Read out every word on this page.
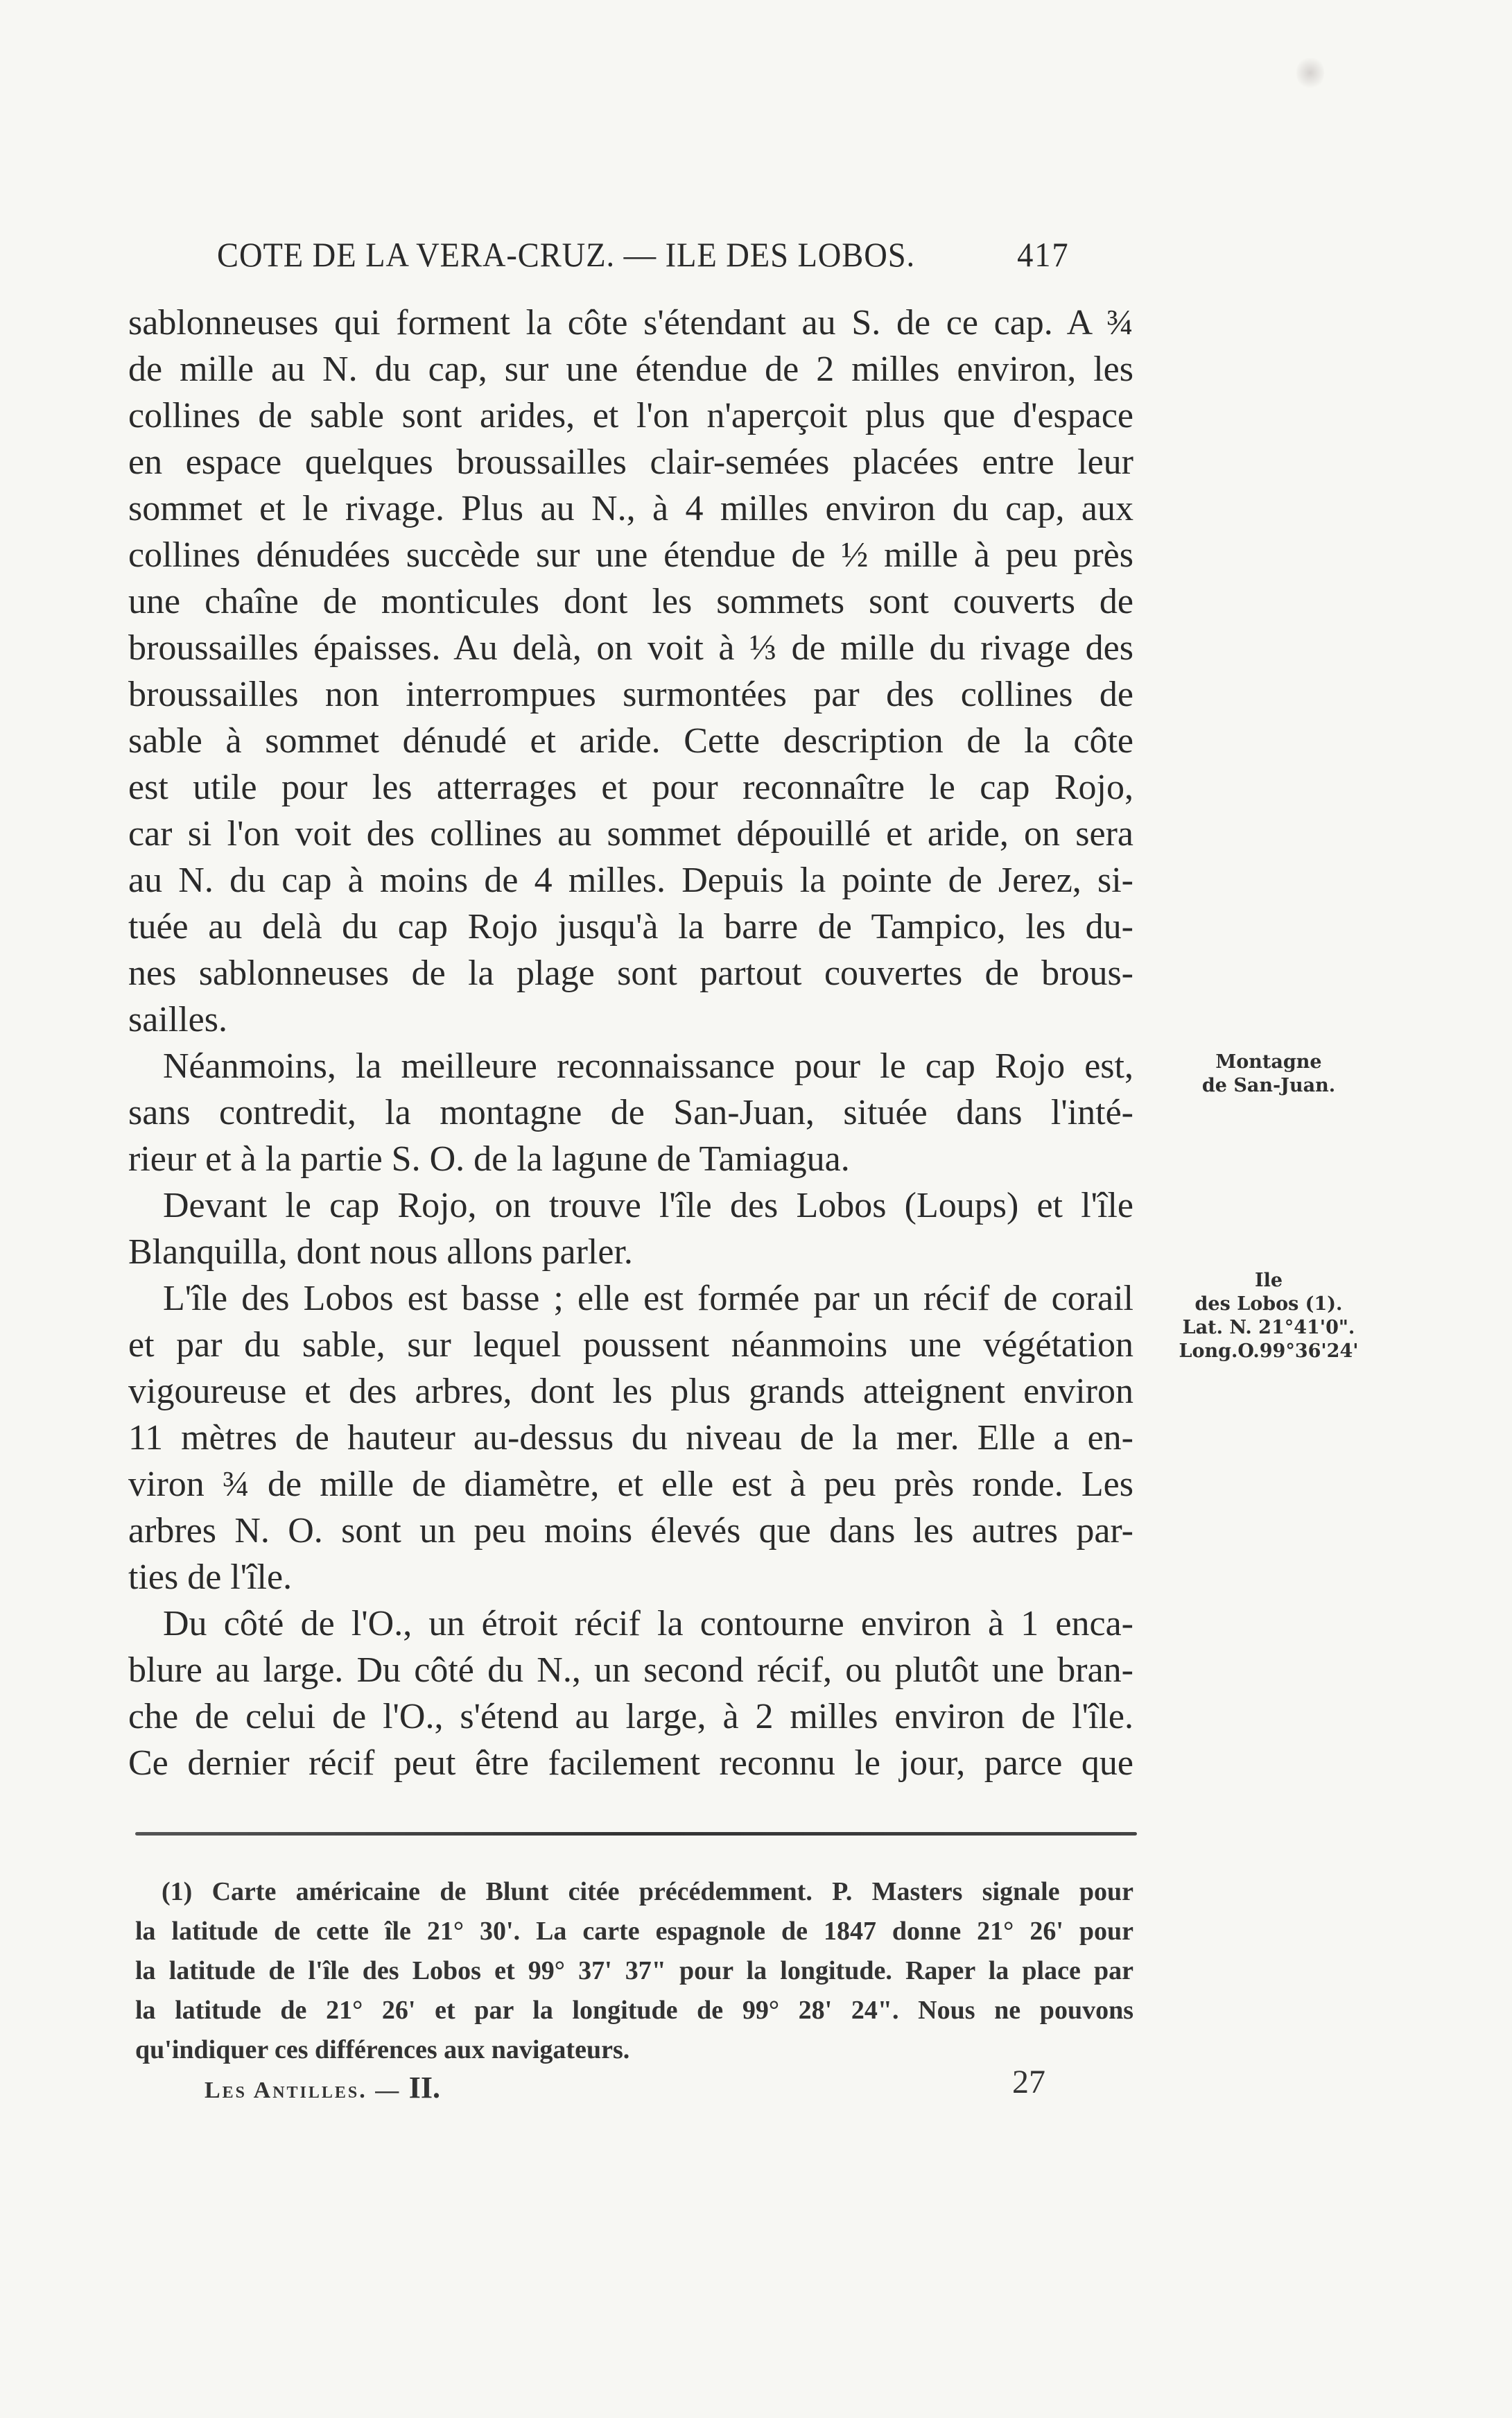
COTE DE LA VERA-CRUZ. — ILE DES LOBOS.	417
sablonneuses qui forment la côte s'étendant au S. de ce cap. A ¾
de mille au N. du cap, sur une étendue de 2 milles environ, les
collines de sable sont arides, et l'on n'aperçoit plus que d'espace
en espace quelques broussailles clair-semées placées entre leur
sommet et le rivage. Plus au N., à 4 milles environ du cap, aux
collines dénudées succède sur une étendue de ½ mille à peu près
une chaîne de monticules dont les sommets sont couverts de
broussailles épaisses. Au delà, on voit à ⅓ de mille du rivage des
broussailles non interrompues surmontées par des collines de
sable à sommet dénudé et aride. Cette description de la côte
est utile pour les atterrages et pour reconnaître le cap Rojo,
car si l'on voit des collines au sommet dépouillé et aride, on sera
au N. du cap à moins de 4 milles. Depuis la pointe de Jerez, si-
tuée au delà du cap Rojo jusqu'à la barre de Tampico, les du-
nes sablonneuses de la plage sont partout couvertes de brous-
sailles.
Néanmoins, la meilleure reconnaissance pour le cap Rojo est,
sans contredit, la montagne de San-Juan, située dans l'inté-
rieur et à la partie S. O. de la lagune de Tamiagua.
Devant le cap Rojo, on trouve l'île des Lobos (Loups) et l'île
Blanquilla, dont nous allons parler.
L'île des Lobos est basse ; elle est formée par un récif de corail
et par du sable, sur lequel poussent néanmoins une végétation
vigoureuse et des arbres, dont les plus grands atteignent environ
11 mètres de hauteur au-dessus du niveau de la mer. Elle a en-
viron ¾ de mille de diamètre, et elle est à peu près ronde. Les
arbres N. O. sont un peu moins élevés que dans les autres par-
ties de l'île.
Du côté de l'O., un étroit récif la contourne environ à 1 enca-
blure au large. Du côté du N., un second récif, ou plutôt une bran-
che de celui de l'O., s'étend au large, à 2 milles environ de l'île.
Ce dernier récif peut être facilement reconnu le jour, parce que
Montagne
de San-Juan.
Ile
des Lobos (1).
Lat. N. 21°41'0".
Long.O.99°36'24'
(1) Carte américaine de Blunt citée précédemment. P. Masters signale pour
la latitude de cette île 21° 30'. La carte espagnole de 1847 donne 21° 26' pour
la latitude de l'île des Lobos et 99° 37' 37" pour la longitude. Raper la place par
la latitude de 21° 26' et par la longitude de 99° 28' 24". Nous ne pouvons
qu'indiquer ces différences aux navigateurs.
Les Antilles. — II.	27
